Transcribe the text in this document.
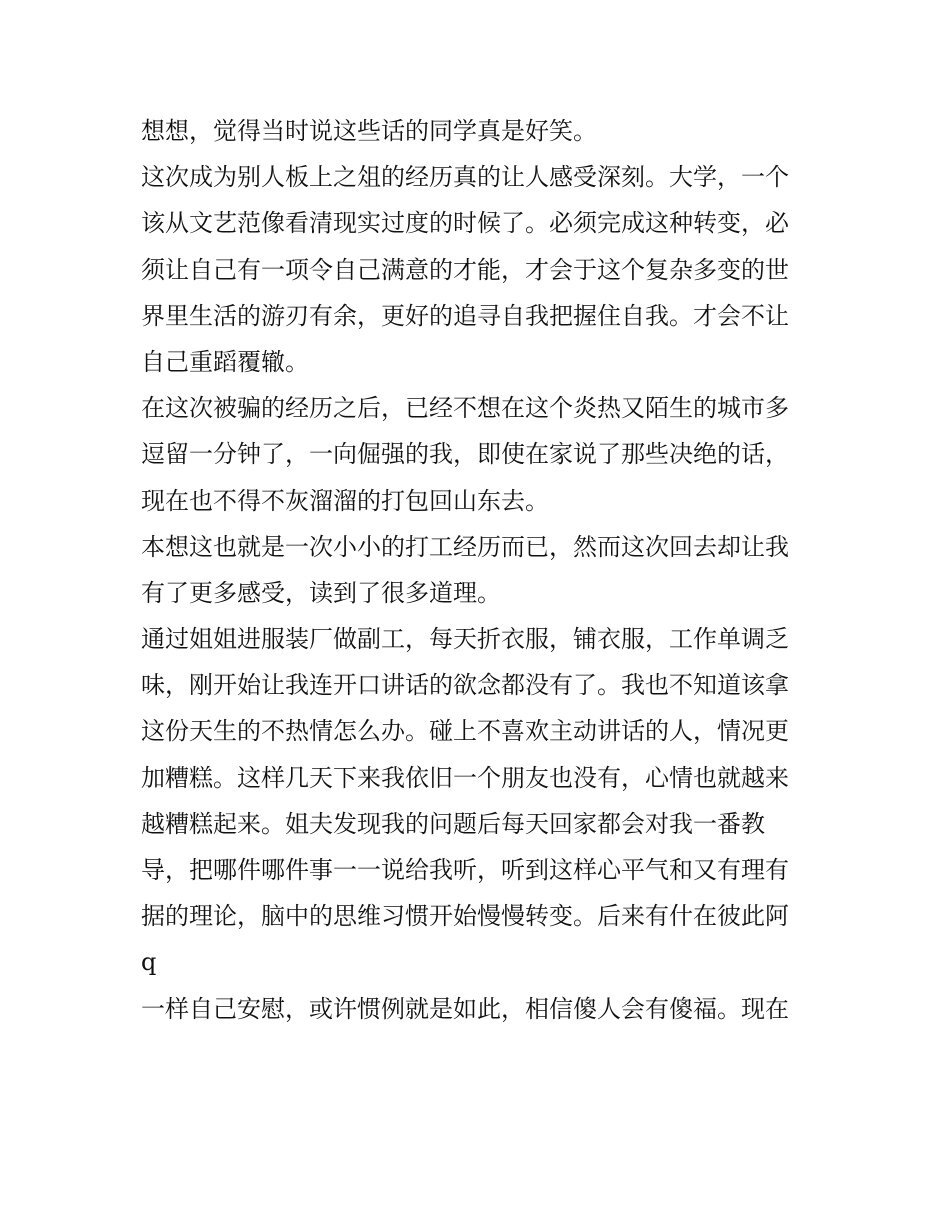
想想，觉得当时说这些话的同学真是好笑。
这次成为别人板上之俎的经历真的让人感受深刻。大学，一个
该从文艺范像看清现实过度的时候了。必须完成这种转变，必
须让自己有一项令自己满意的才能，才会于这个复杂多变的世
界里生活的游刃有余，更好的追寻自我把握住自我。才会不让
自己重蹈覆辙。
在这次被骗的经历之后，已经不想在这个炎热又陌生的城市多
逗留一分钟了，一向倔强的我，即使在家说了那些决绝的话，
现在也不得不灰溜溜的打包回山东去。
本想这也就是一次小小的打工经历而已，然而这次回去却让我
有了更多感受，读到了很多道理。
通过姐姐进服装厂做副工，每天折衣服，铺衣服，工作单调乏
味，刚开始让我连开口讲话的欲念都没有了。我也不知道该拿
这份天生的不热情怎么办。碰上不喜欢主动讲话的人，情况更
加糟糕。这样几天下来我依旧一个朋友也没有，心情也就越来
越糟糕起来。姐夫发现我的问题后每天回家都会对我一番教
导，把哪件哪件事一一说给我听，听到这样心平气和又有理有
据的理论，脑中的思维习惯开始慢慢转变。后来有什在彼此阿
q
一样自己安慰，或许惯例就是如此，相信傻人会有傻福。现在
